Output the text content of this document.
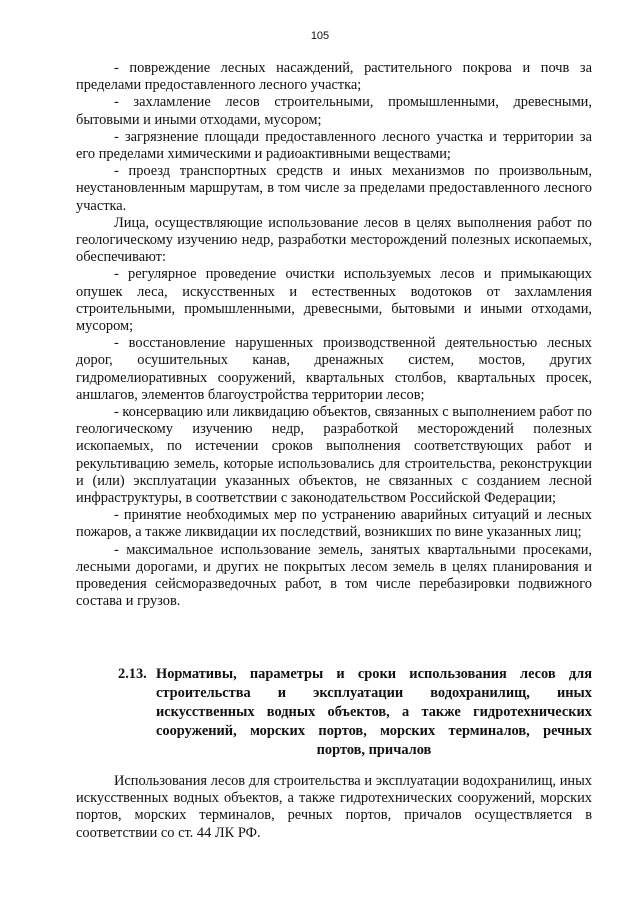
105

- повреждение лесных насаждений, растительного покрова и почв за пределами предоставленного лесного участка;

- захламление лесов строительными, промышленными, древесными, бытовыми и иными отходами, мусором;

- загрязнение площади предоставленного лесного участка и территории за его пределами химическими и радиоактивными веществами;

- проезд транспортных средств и иных механизмов по произвольным, неустановленным маршрутам, в том числе за пределами предоставленного лесного участка.

Лица, осуществляющие использование лесов в целях выполнения работ по геологическому изучению недр, разработки месторождений полезных ископаемых, обеспечивают:

- регулярное проведение очистки используемых лесов и примыкающих опушек леса, искусственных и естественных водотоков от захламления строительными, промышленными, древесными, бытовыми и иными отходами, мусором;

- восстановление нарушенных производственной деятельностью лесных дорог, осушительных канав, дренажных систем, мостов, других гидромелиоративных сооружений, квартальных столбов, квартальных просек, аншлагов, элементов благоустройства территории лесов;

- консервацию или ликвидацию объектов, связанных с выполнением работ по геологическому изучению недр, разработкой месторождений полезных ископаемых, по истечении сроков выполнения соответствующих работ и рекультивацию земель, которые использовались для строительства, реконструкции и (или) эксплуатации указанных объектов, не связанных с созданием лесной инфраструктуры, в соответствии с законодательством Российской Федерации;

- принятие необходимых мер по устранению аварийных ситуаций и лесных пожаров, а также ликвидации их последствий, возникших по вине указанных лиц;

- максимальное использование земель, занятых квартальными просеками, лесными дорогами, и других не покрытых лесом земель в целях планирования и проведения сейсморазведочных работ, в том числе перебазировки подвижного состава и грузов.

2.13. Нормативы, параметры и сроки использования лесов для строительства и эксплуатации водохранилищ, иных искусственных водных объектов, а также гидротехнических сооружений, морских портов, морских терминалов, речных портов, причалов

Использования лесов для строительства и эксплуатации водохранилищ, иных искусственных водных объектов, а также гидротехнических сооружений, морских портов, морских терминалов, речных портов, причалов осуществляется в соответствии со ст. 44 ЛК РФ.
